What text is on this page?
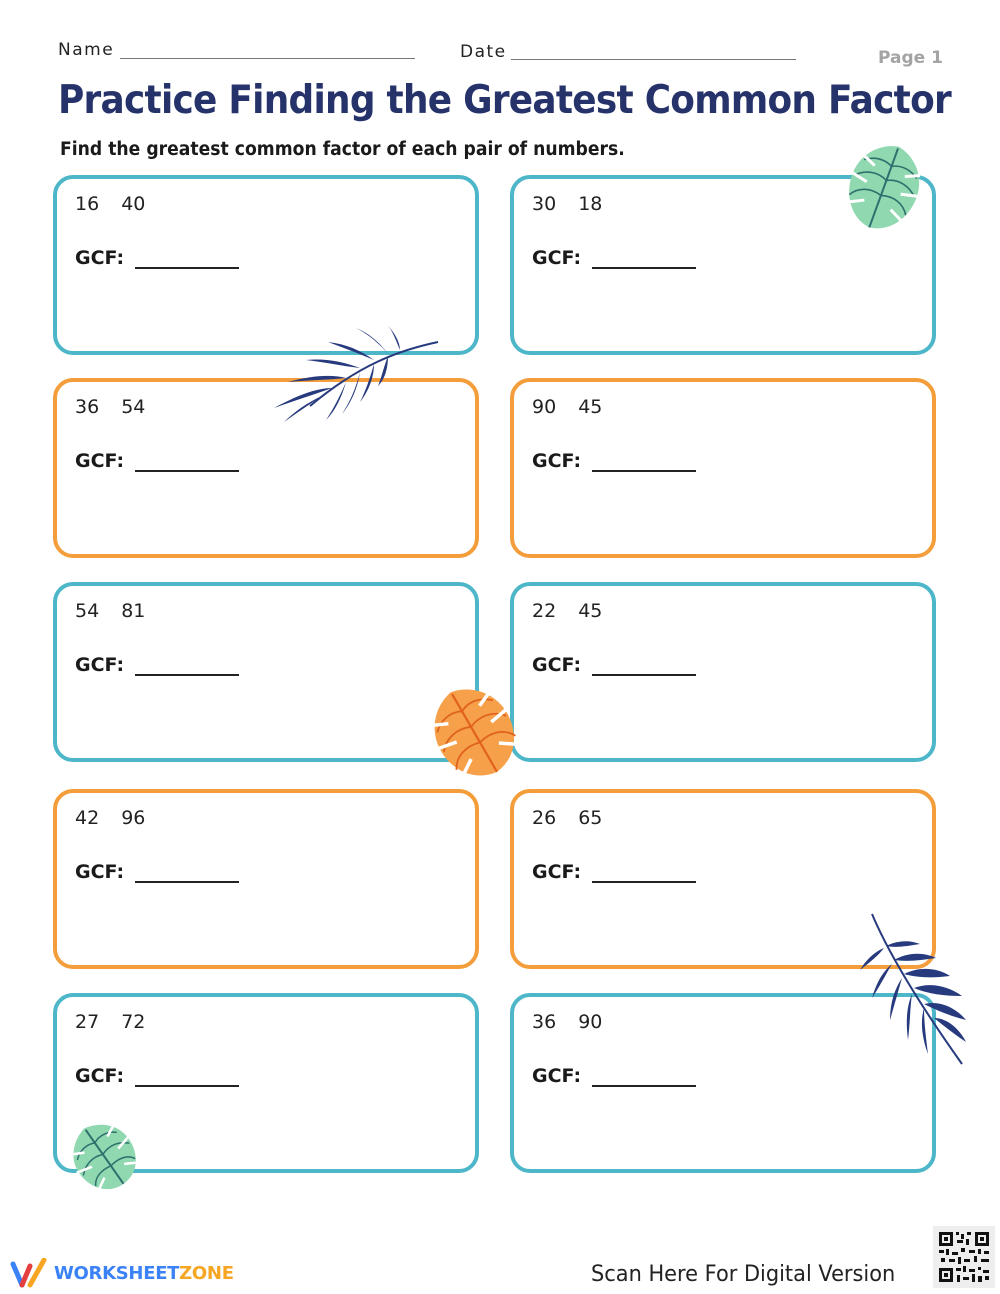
Name	Date	Page 1
Practice Finding the Greatest Common Factor
Find the greatest common factor of each pair of numbers.
16 40
GCF:
30 18
GCF:
36 54
GCF:
90 45
GCF:
54 81
GCF:
22 45
GCF:
42 96
GCF:
26 65
GCF:
27 72
GCF:
36 90
GCF:
WORKSHEETZONE	Scan Here For Digital Version
